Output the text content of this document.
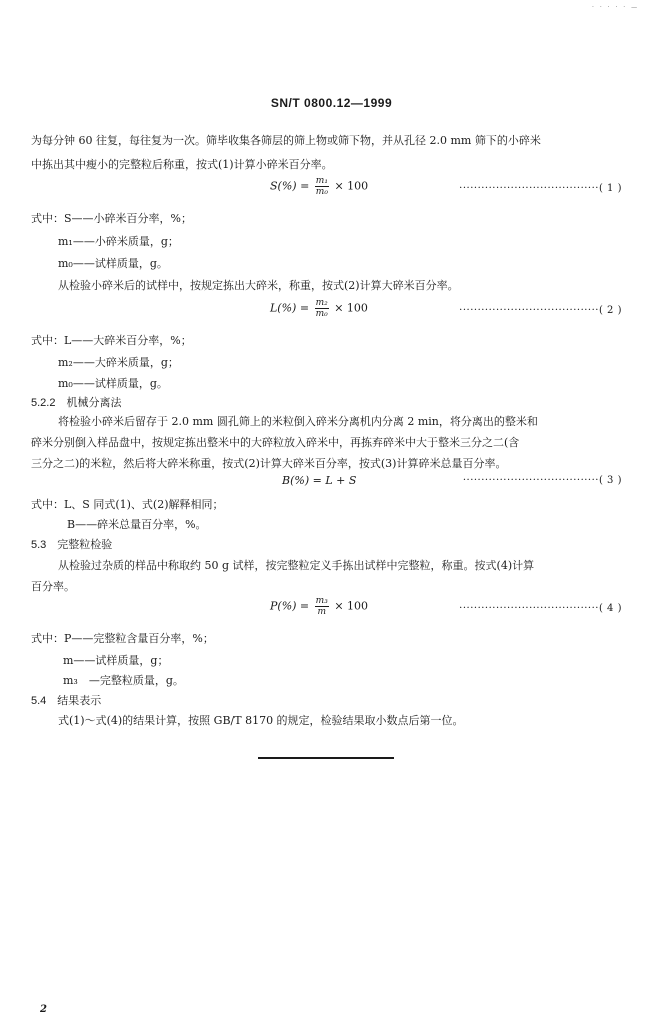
· · · · · —
SN/T 0800.12—1999
为每分钟 60 往复，每往复为一次。筛毕收集各筛层的筛上物或筛下物，并从孔径 2.0 mm 筛下的小碎米
中拣出其中瘦小的完整粒后称重，按式(1)计算小碎米百分率。
$S(\%) = \frac{\text{m₁}}{\text{m₀}} \times 100$	······································( 1 )
式中：S——小碎米百分率，%；
m₁——小碎米质量，g；
m₀——试样质量，g。
从检验小碎米后的试样中，按规定拣出大碎米，称重，按式(2)计算大碎米百分率。
$L(\%) = \frac{\text{m₂}}{\text{m₀}} \times 100$	······································( 2 )
式中：L——大碎米百分率，%；
m₂——大碎米质量，g；
m₀——试样质量，g。
5.2.2　机械分离法
将检验小碎米后留存于 2.0 mm 圆孔筛上的米粒倒入碎米分离机内分离 2 min，将分离出的整米和
碎米分别倒入样品盘中，按规定拣出整米中的大碎粒放入碎米中，再拣弃碎米中大于整米三分之二(含
三分之二)的米粒，然后将大碎米称重，按式(2)计算大碎米百分率，按式(3)计算碎米总量百分率。
B(%) = L + S	·····································( 3 )
式中：L、S 同式(1)、式(2)解释相同；
B——碎米总量百分率，%。
5.3　完整粒检验
从检验过杂质的样品中称取约 50 g 试样，按完整粒定义手拣出试样中完整粒，称重。按式(4)计算
百分率。
$P(\%) = \frac{\text{m₃}}{m} \times 100$	······································( 4 )
式中：P——完整粒含量百分率，%；
m——试样质量，g；
m₃　—完整粒质量，g。
5.4　结果表示
式(1)～式(4)的结果计算，按照 GB/T 8170 的规定，检验结果取小数点后第一位。
2
